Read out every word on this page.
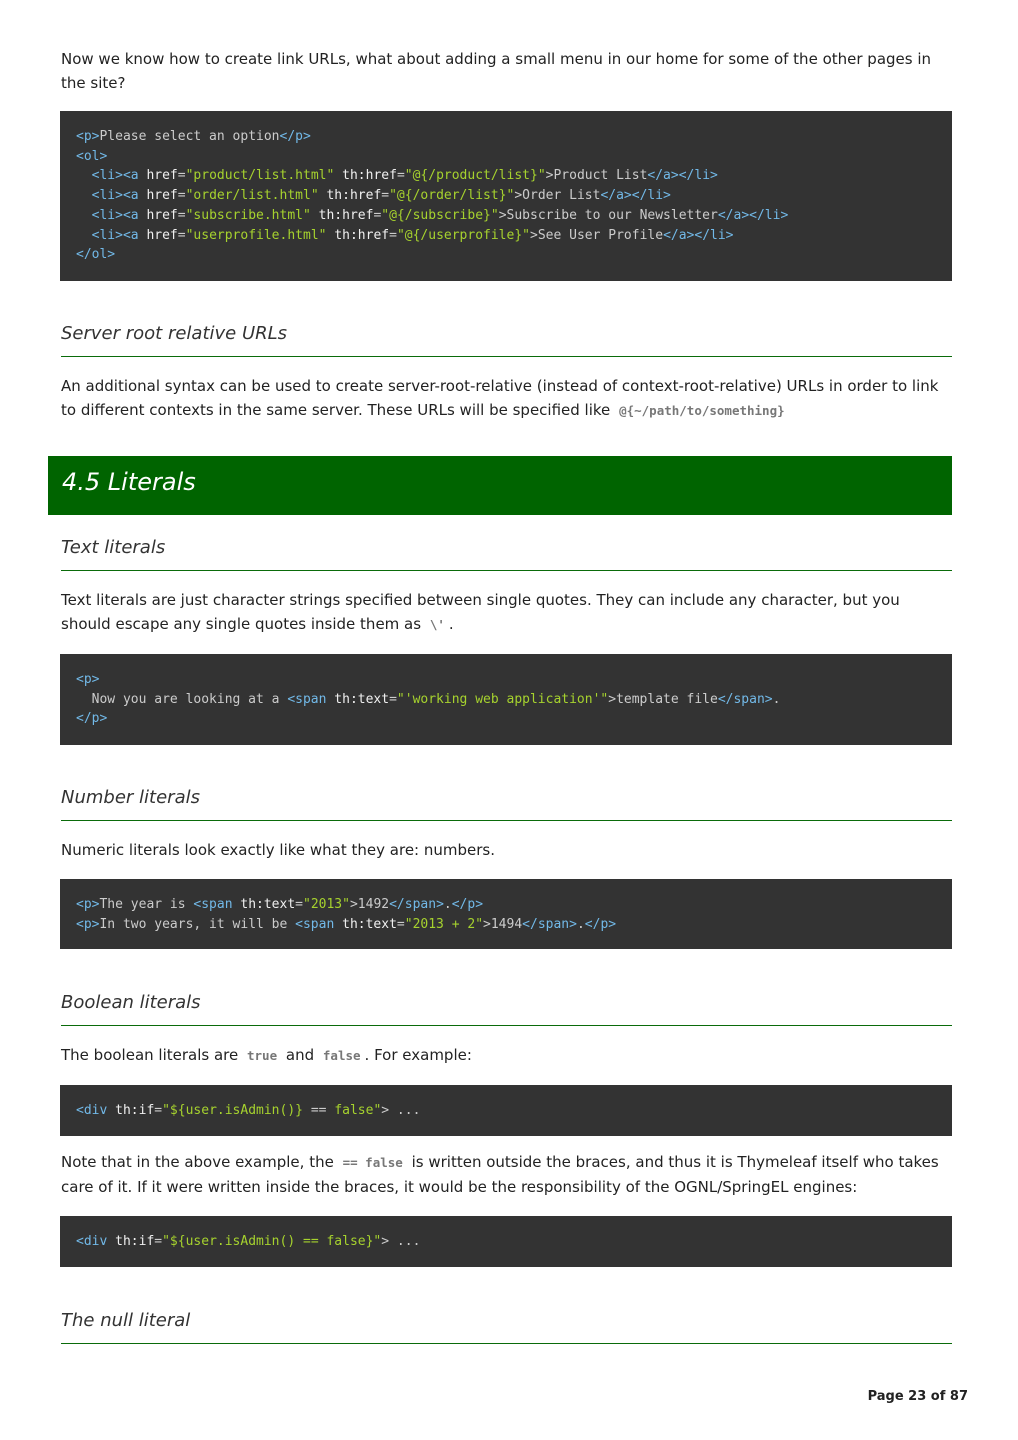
Now we know how to create link URLs, what about adding a small menu in our home for some of the other pages in the site?
<p>Please select an option</p>
<ol>
<li><a href="product/list.html" th:href="@{/product/list}">Product List</a></li>
<li><a href="order/list.html" th:href="@{/order/list}">Order List</a></li>
<li><a href="subscribe.html" th:href="@{/subscribe}">Subscribe to our Newsletter</a></li>
<li><a href="userprofile.html" th:href="@{/userprofile}">See User Profile</a></li>
</ol>
Server root relative URLs
An additional syntax can be used to create server-root-relative (instead of context-root-relative) URLs in order to link to different contexts in the same server. These URLs will be specified like @{~/path/to/something}
4.5 Literals
Text literals
Text literals are just character strings specified between single quotes. They can include any character, but you should escape any single quotes inside them as \' .
<p>
Now you are looking at a <span th:text="'working web application'">template file</span>.
</p>
Number literals
Numeric literals look exactly like what they are: numbers.
<p>The year is <span th:text="2013">1492</span>.</p>
<p>In two years, it will be <span th:text="2013 + 2">1494</span>.</p>
Boolean literals
The boolean literals are true and false . For example:
<div th:if="${user.isAdmin()} == false"> ...
Note that in the above example, the == false is written outside the braces, and thus it is Thymeleaf itself who takes care of it. If it were written inside the braces, it would be the responsibility of the OGNL/SpringEL engines:
<div th:if="${user.isAdmin() == false}"> ...
The null literal
Page 23 of 87
